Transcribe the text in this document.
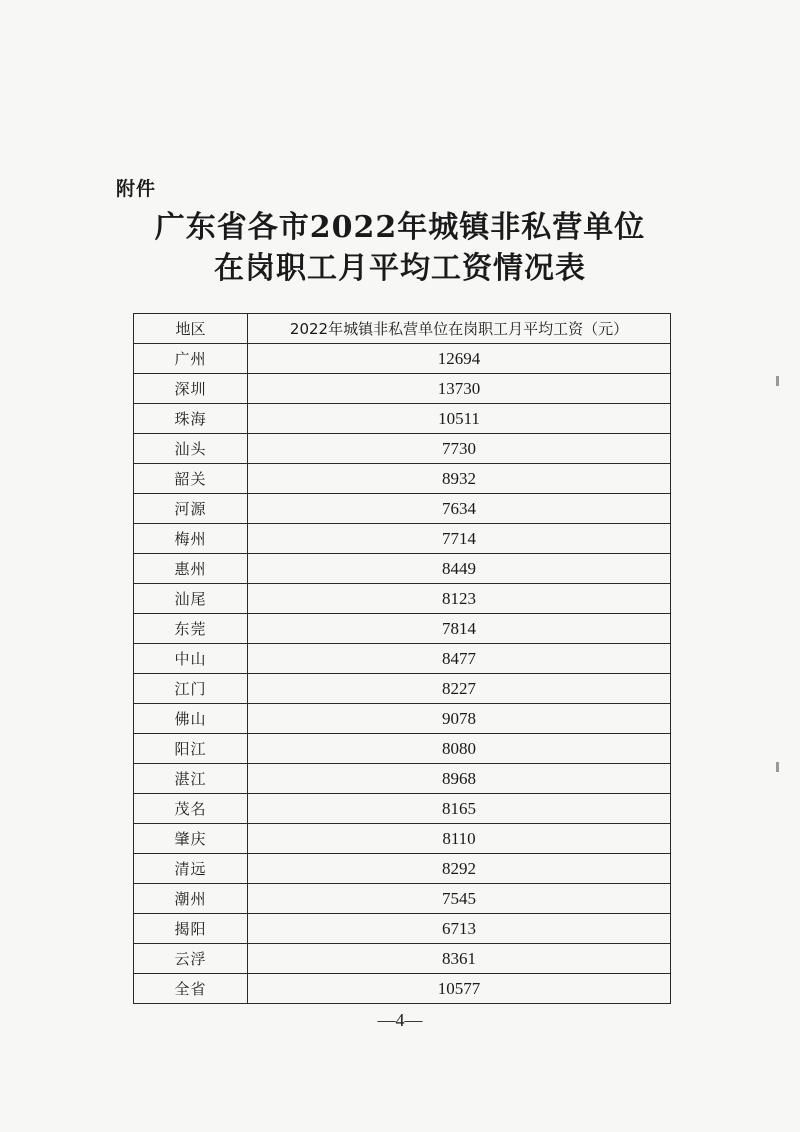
附件
广东省各市2022年城镇非私营单位
在岗职工月平均工资情况表
地区	2022年城镇非私营单位在岗职工月平均工资（元）
广州	12694
深圳	13730
珠海	10511
汕头	7730
韶关	8932
河源	7634
梅州	7714
惠州	8449
汕尾	8123
东莞	7814
中山	8477
江门	8227
佛山	9078
阳江	8080
湛江	8968
茂名	8165
肇庆	8110
清远	8292
潮州	7545
揭阳	6713
云浮	8361
全省	10577
—4—
